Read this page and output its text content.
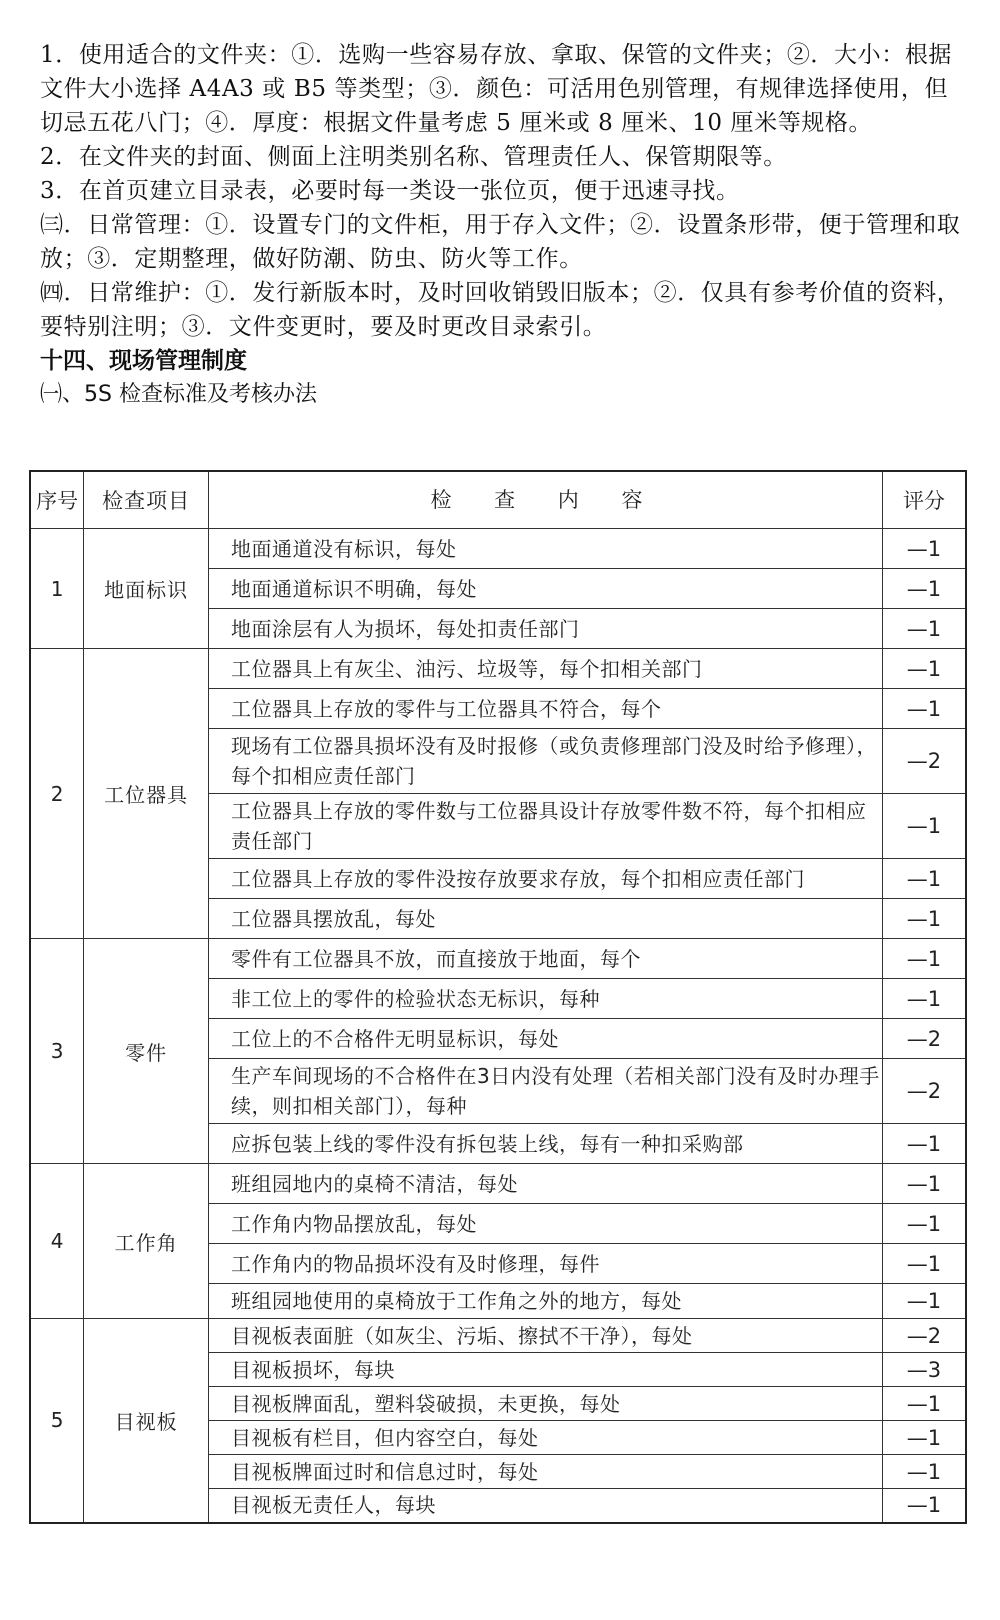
1．使用适合的文件夹：①．选购一些容易存放、拿取、保管的文件夹；②．大小：根据文件大小选择 A4A3 或 B5 等类型；③．颜色：可活用色别管理，有规律选择使用，但切忌五花八门；④．厚度：根据文件量考虑 5 厘米或 8 厘米、10 厘米等规格。

2．在文件夹的封面、侧面上注明类别名称、管理责任人、保管期限等。

3．在首页建立目录表，必要时每一类设一张位页，便于迅速寻找。

㈢．日常管理：①．设置专门的文件柜，用于存入文件；②．设置条形带，便于管理和取放；③．定期整理，做好防潮、防虫、防火等工作。

㈣．日常维护：①．发行新版本时，及时回收销毁旧版本；②．仅具有参考价值的资料，要特别注明；③．文件变更时，要及时更改目录索引。

十四、现场管理制度

㈠、5S 检查标准及考核办法

序号	检查项目	检 查 内 容	评分
1	地面标识	地面通道没有标识，每处	—1
		地面通道标识不明确，每处	—1
		地面涂层有人为损坏，每处扣责任部门	—1
2	工位器具	工位器具上有灰尘、油污、垃圾等，每个扣相关部门	—1
		工位器具上存放的零件与工位器具不符合，每个	—1
		现场有工位器具损坏没有及时报修（或负责修理部门没及时给予修理），每个扣相应责任部门	—2
		工位器具上存放的零件数与工位器具设计存放零件数不符，每个扣相应责任部门	—1
		工位器具上存放的零件没按存放要求存放，每个扣相应责任部门	—1
		工位器具摆放乱，每处	—1
3	零件	零件有工位器具不放，而直接放于地面，每个	—1
		非工位上的零件的检验状态无标识，每种	—1
		工位上的不合格件无明显标识，每处	—2
		生产车间现场的不合格件在3日内没有处理（若相关部门没有及时办理手续，则扣相关部门），每种	—2
		应拆包装上线的零件没有拆包装上线，每有一种扣采购部	—1
4	工作角	班组园地内的桌椅不清洁，每处	—1
		工作角内物品摆放乱，每处	—1
		工作角内的物品损坏没有及时修理，每件	—1
		班组园地使用的桌椅放于工作角之外的地方，每处	—1
5	目视板	目视板表面脏（如灰尘、污垢、擦拭不干净），每处	—2
		目视板损坏，每块	—3
		目视板牌面乱，塑料袋破损，未更换，每处	—1
		目视板有栏目，但内容空白，每处	—1
		目视板牌面过时和信息过时，每处	—1
		目视板无责任人，每块	—1
